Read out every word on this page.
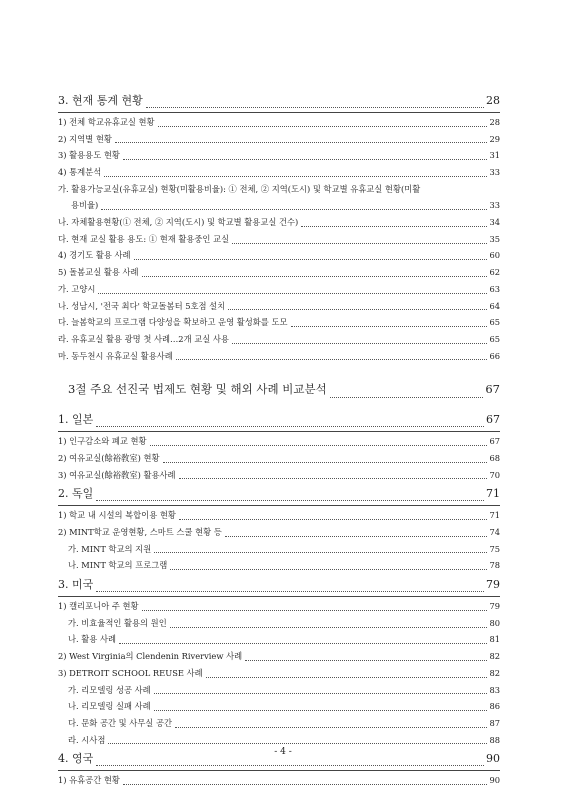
3. 현재 통계 현황	28
1) 전체 학교유휴교실 현황	28
2) 지역별 현황	29
3) 활용용도 현황	31
4) 통계분석	33
가. 활용가능교실(유휴교실) 현황(미활용비율): ① 전체, ② 지역(도시) 및 학교별 유휴교실 현황(미활
용비율)	33
나. 자체활용현황(① 전체, ② 지역(도시) 및 학교별 활용교실 건수)	34
다. 현재 교실 활용 용도: ① 현재 활용중인 교실	35
4) 경기도 활용 사례	60
5) 돌봄교실 활용 사례	62
가. 고양시	63
나. 성남시, '전국 최다' 학교돌봄터 5호점 설치	64
다. 늘봄학교의 프로그램 다양성을 확보하고 운영 활성화를 도모	65
라. 유휴교실 활용 광명 첫 사례…2개 교실 사용	65
마. 동두천시 유휴교실 활용사례	66
3절 주요 선진국 법제도 현황 및 해외 사례 비교분석	67
1. 일본	67
1) 인구감소와 폐교 현황	67
2) 여유교실(餘裕敎室) 현황	68
3) 여유교실(餘裕敎室) 활용사례	70
2. 독일	71
1) 학교 내 시설의 복합이용 현황	71
2) MINT학교 운영현황, 스마트 스쿨 현황 등	74
가. MINT 학교의 지원	75
나. MINT 학교의 프로그램	78
3. 미국	79
1) 캘리포니아 주 현황	79
가. 비효율적인 활용의 원인	80
나. 활용 사례	81
2) West Virginia의 Clendenin Riverview 사례	82
3) DETROIT SCHOOL REUSE 사례	82
가. 리모델링 성공 사례	83
나. 리모델링 실패 사례	86
다. 문화 공간 및 사무실 공간	87
라. 시사점	88
4. 영국	90
1) 유휴공간 현황	90
- 4 -
